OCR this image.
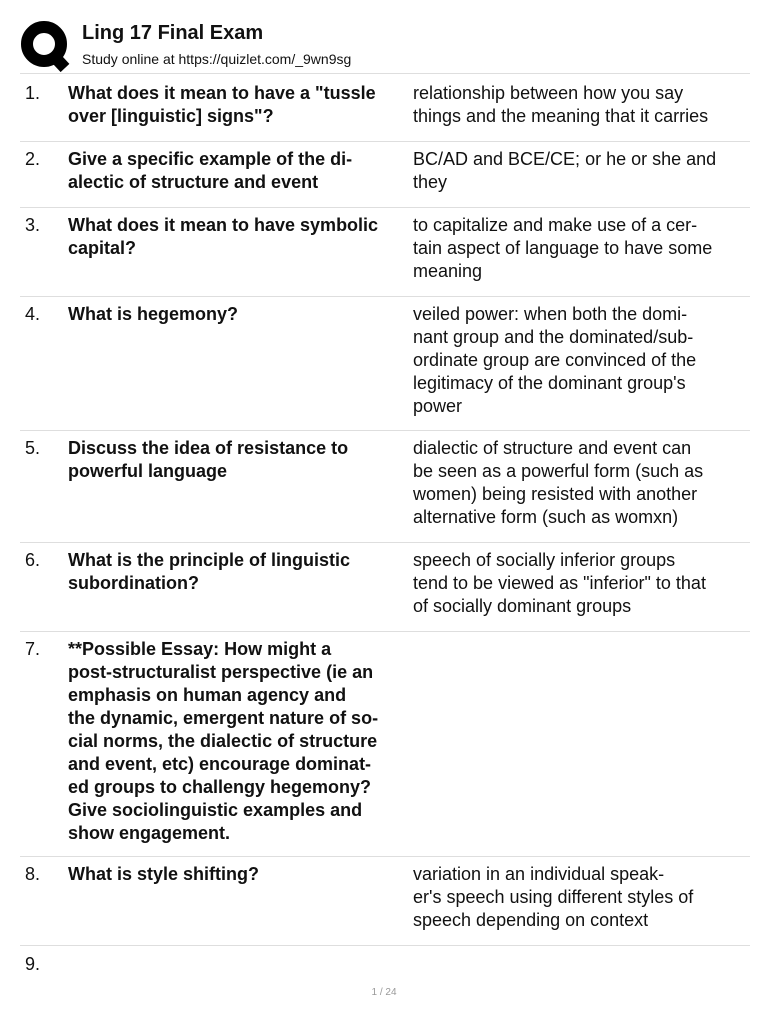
Ling 17 Final Exam
Study online at https://quizlet.com/_9wn9sg
1. What does it mean to have a "tussle
over [linguistic] signs"?
relationship between how you say
things and the meaning that it carries
2. Give a specific example of the di-
alectic of structure and event
BC/AD and BCE/CE; or he or she and
they
3. What does it mean to have symbolic
capital?
to capitalize and make use of a cer-
tain aspect of language to have some
meaning
4. What is hegemony?	veiled power: when both the domi-
nant group and the dominated/sub-
ordinate group are convinced of the
legitimacy of the dominant group's
power
5. Discuss the idea of resistance to
powerful language
dialectic of structure and event can
be seen as a powerful form (such as
women) being resisted with another
alternative form (such as womxn)
6. What is the principle of linguistic
subordination?
speech of socially inferior groups
tend to be viewed as "inferior" to that
of socially dominant groups
7. **Possible Essay: How might a
post-structuralist perspective (ie an
emphasis on human agency and
the dynamic, emergent nature of so-
cial norms, the dialectic of structure
and event, etc) encourage dominat-
ed groups to challengy hegemony?
Give sociolinguistic examples and
show engagement.
8. What is style shifting?	variation in an individual speak-
er's speech using different styles of
speech depending on context
9.
1 / 24
